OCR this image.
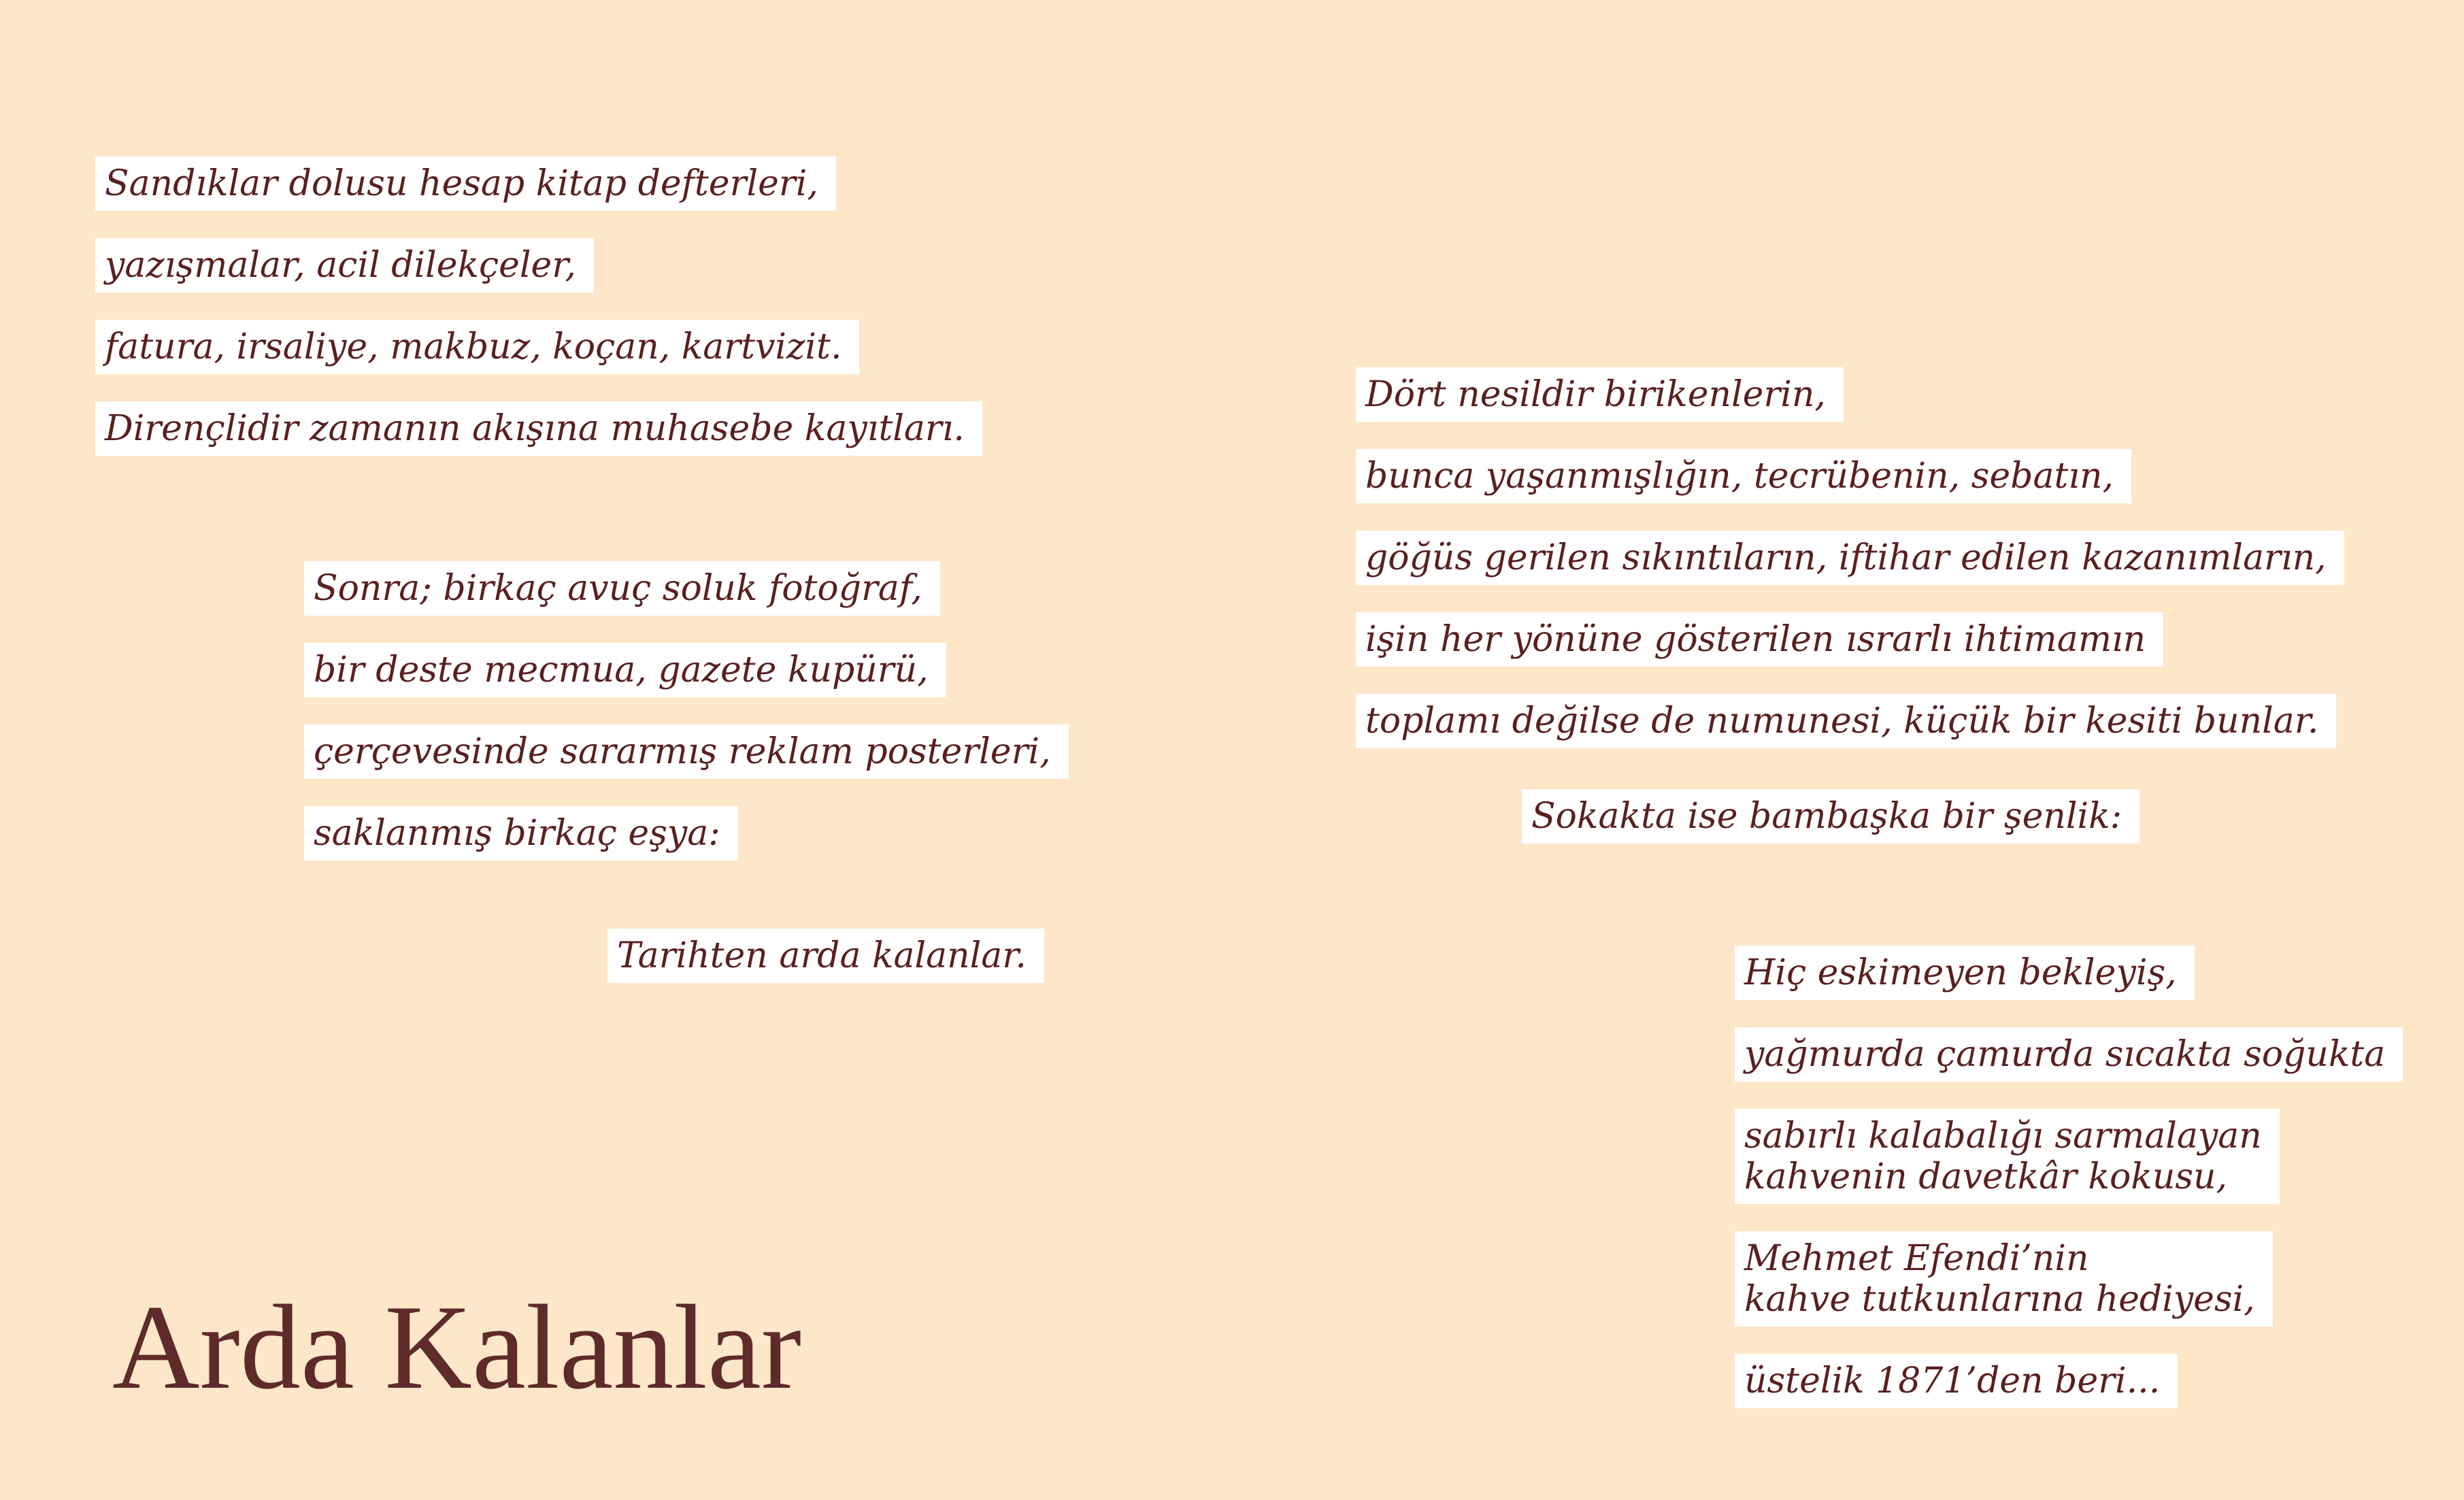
Sandıklar dolusu hesap kitap defterleri,
yazışmalar, acil dilekçeler,
fatura, irsaliye, makbuz, koçan, kartvizit.
Dirençlidir zamanın akışına muhasebe kayıtları.
Sonra; birkaç avuç soluk fotoğraf,
bir deste mecmua, gazete kupürü,
çerçevesinde sararmış reklam posterleri,
saklanmış birkaç eşya:
Tarihten arda kalanlar.
Dört nesildir birikenlerin,
bunca yaşanmışlığın, tecrübenin, sebatın,
göğüs gerilen sıkıntıların, iftihar edilen kazanımların,
işin her yönüne gösterilen ısrarlı ihtimamın
toplamı değilse de numunesi, küçük bir kesiti bunlar.
Sokakta ise bambaşka bir şenlik:
Hiç eskimeyen bekleyiş,
yağmurda çamurda sıcakta soğukta
sabırlı kalabalığı sarmalayan
kahvenin davetkâr kokusu,
Mehmet Efendi’nin
kahve tutkunlarına hediyesi,
üstelik 1871’den beri...
Arda Kalanlar
